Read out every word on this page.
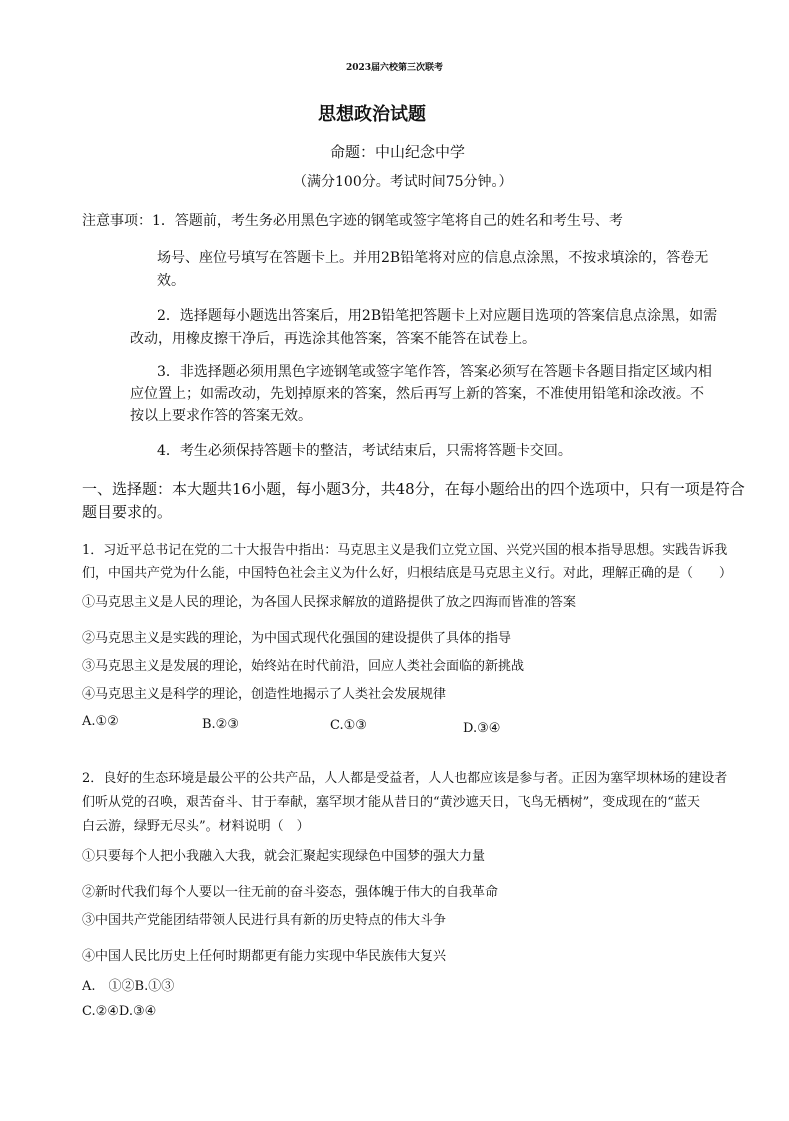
2023届六校第三次联考
思想政治试题
命题：中山纪念中学
（满分100分。考试时间75分钟。）
注意事项：1．答题前，考生务必用黑色字迹的钢笔或签字笔将自己的姓名和考生号、考
场号、座位号填写在答题卡上。并用2B铅笔将对应的信息点涂黑，不按求填涂的，答卷无
效。
2．选择题每小题选出答案后，用2B铅笔把答题卡上对应题目选项的答案信息点涂黑，如需
改动，用橡皮擦干净后，再选涂其他答案，答案不能答在试卷上。
3．非选择题必须用黑色字迹钢笔或签字笔作答，答案必须写在答题卡各题目指定区域内相
应位置上；如需改动，先划掉原来的答案，然后再写上新的答案，不准使用铅笔和涂改液。不
按以上要求作答的答案无效。
4．考生必须保持答题卡的整洁，考试结束后，只需将答题卡交回。
一、选择题：本大题共16小题，每小题3分，共48分，在每小题给出的四个选项中，只有一项是符合
题目要求的。
1．习近平总书记在党的二十大报告中指出：马克思主义是我们立党立国、兴党兴国的根本指导思想。实践告诉我
们，中国共产党为什么能，中国特色社会主义为什么好，归根结底是马克思主义行。对此，理解正确的是（　　）
①马克思主义是人民的理论，为各国人民探求解放的道路提供了放之四海而皆准的答案
②马克思主义是实践的理论，为中国式现代化强国的建设提供了具体的指导
③马克思主义是发展的理论，始终站在时代前沿，回应人类社会面临的新挑战
④马克思主义是科学的理论，创造性地揭示了人类社会发展规律
A.①②	B.②③	C.①③	D.③④
2．良好的生态环境是最公平的公共产品，人人都是受益者，人人也都应该是参与者。正因为塞罕坝林场的建设者
们听从党的召唤，艰苦奋斗、甘于奉献，塞罕坝才能从昔日的“黄沙遮天日，飞鸟无栖树”，变成现在的“蓝天
白云游，绿野无尽头”。材料说明（　）
①只要每个人把小我融入大我，就会汇聚起实现绿色中国梦的强大力量
②新时代我们每个人要以一往无前的奋斗姿态，强体魄于伟大的自我革命
③中国共产党能团结带领人民进行具有新的历史特点的伟大斗争
④中国人民比历史上任何时期都更有能力实现中华民族伟大复兴
A.　①②B.①③
C.②④D.③④
